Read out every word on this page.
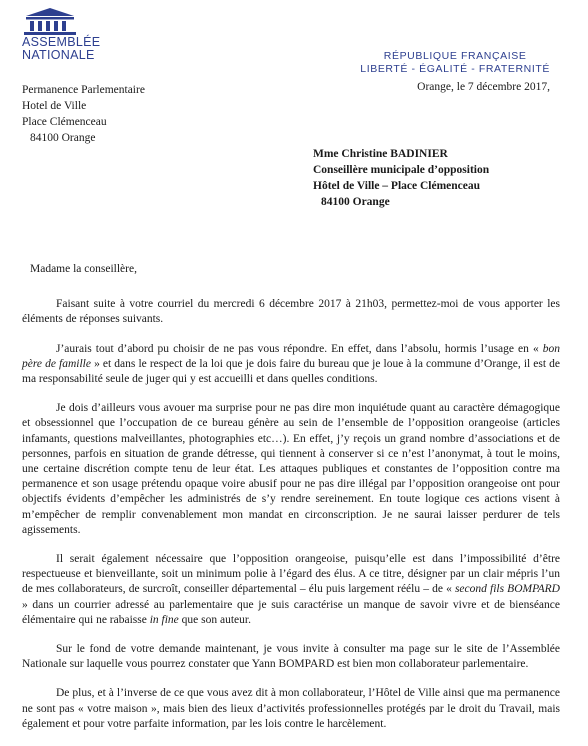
ASSEMBLÉE
NATIONALE
Permanence Parlementaire
Hotel de Ville
Place Clémenceau
84100 Orange
RÉPUBLIQUE FRANÇAISE
LIBERTÉ - ÉGALITÉ - FRATERNITÉ
Orange, le 7 décembre 2017,
Mme Christine BADINIER
Conseillère municipale d’opposition
Hôtel de Ville – Place Clémenceau
84100 Orange

Madame la conseillère,

Faisant suite à votre courriel du mercredi 6 décembre 2017 à 21h03, permettez-moi de vous apporter les éléments de réponses suivants.

J’aurais tout d’abord pu choisir de ne pas vous répondre. En effet, dans l’absolu, hormis l’usage en « bon père de famille » et dans le respect de la loi que je dois faire du bureau que je loue à la commune d’Orange, il est de ma responsabilité seule de juger qui y est accueilli et dans quelles conditions.

Je dois d’ailleurs vous avouer ma surprise pour ne pas dire mon inquiétude quant au caractère démagogique et obsessionnel que l’occupation de ce bureau génère au sein de l’ensemble de l’opposition orangeoise (articles infamants, questions malveillantes, photographies etc…). En effet, j’y reçois un grand nombre d’associations et de personnes, parfois en situation de grande détresse, qui tiennent à conserver si ce n’est l’anonymat, à tout le moins, une certaine discrétion compte tenu de leur état. Les attaques publiques et constantes de l’opposition contre ma permanence et son usage prétendu opaque voire abusif pour ne pas dire illégal par l’opposition orangeoise ont pour objectifs évidents d’empêcher les administrés de s’y rendre sereinement. En toute logique ces actions visent à m’empêcher de remplir convenablement mon mandat en circonscription. Je ne saurai laisser perdurer de tels agissements.

Il serait également nécessaire que l’opposition orangeoise, puisqu’elle est dans l’impossibilité d’être respectueuse et bienveillante, soit un minimum polie à l’égard des élus. A ce titre, désigner par un clair mépris l’un de mes collaborateurs, de surcroît, conseiller départemental – élu puis largement réélu – de « second fils BOMPARD » dans un courrier adressé au parlementaire que je suis caractérise un manque de savoir vivre et de bienséance élémentaire qui ne rabaisse in fine que son auteur.

Sur le fond de votre demande maintenant, je vous invite à consulter ma page sur le site de l’Assemblée Nationale sur laquelle vous pourrez constater que Yann BOMPARD est bien mon collaborateur parlementaire.

De plus, et à l’inverse de ce que vous avez dit à mon collaborateur, l’Hôtel de Ville ainsi que ma permanence ne sont pas « votre maison », mais bien des lieux d’activités professionnelles protégés par le droit du Travail, mais également et pour votre parfaite information, par les lois contre le harcèlement.
